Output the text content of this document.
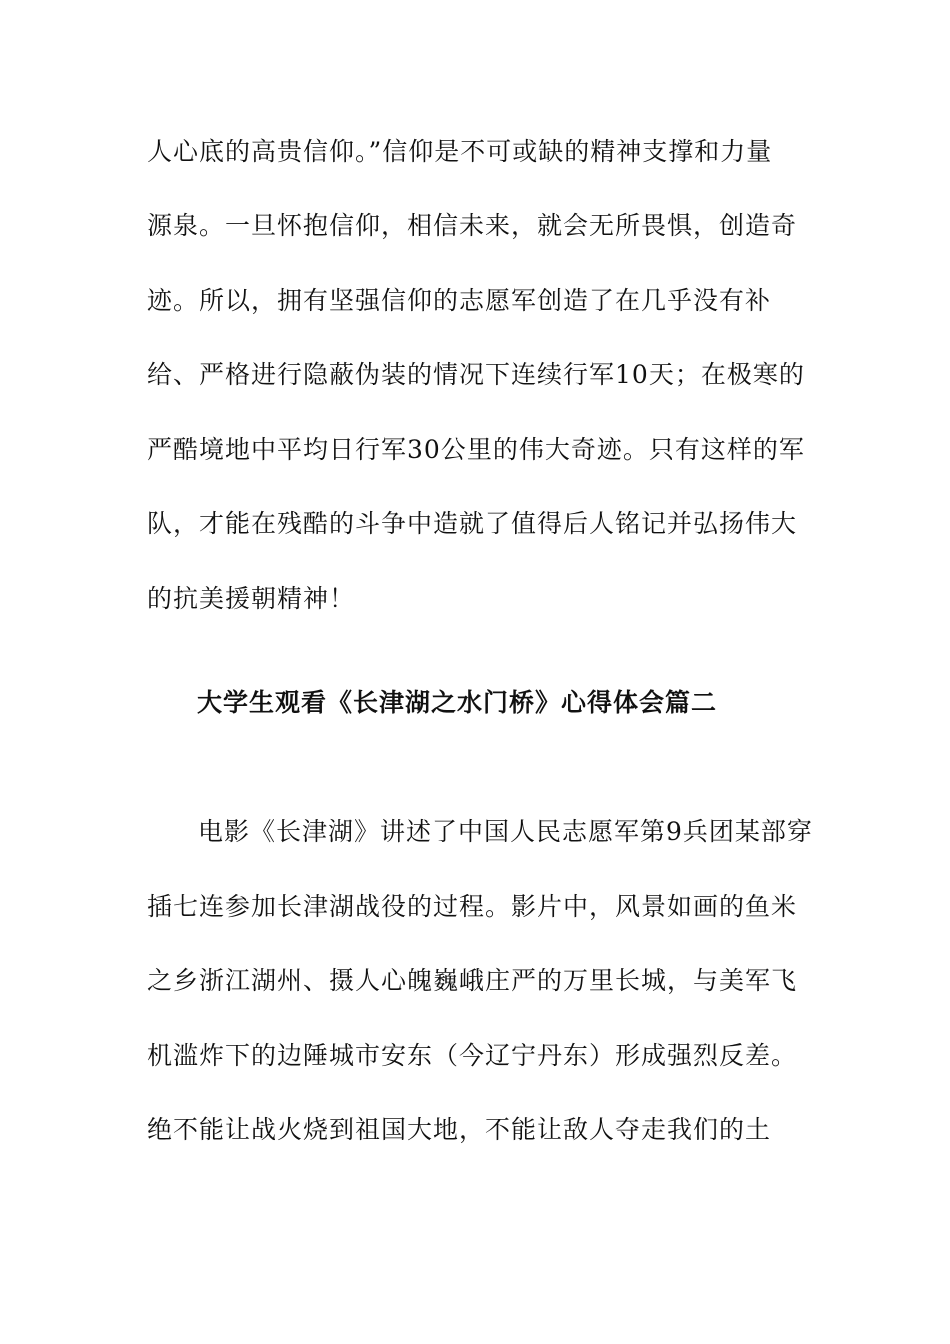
人心底的高贵信仰。”信仰是不可或缺的精神支撑和力量
源泉。一旦怀抱信仰，相信未来，就会无所畏惧，创造奇
迹。所以，拥有坚强信仰的志愿军创造了在几乎没有补
给、严格进行隐蔽伪装的情况下连续行军10天；在极寒的
严酷境地中平均日行军30公里的伟大奇迹。只有这样的军
队，才能在残酷的斗争中造就了值得后人铭记并弘扬伟大
的抗美援朝精神！
大学生观看《长津湖之水门桥》心得体会篇二
电影《长津湖》讲述了中国人民志愿军第9兵团某部穿
插七连参加长津湖战役的过程。影片中，风景如画的鱼米
之乡浙江湖州、摄人心魄巍峨庄严的万里长城，与美军飞
机滥炸下的边陲城市安东（今辽宁丹东）形成强烈反差。
绝不能让战火烧到祖国大地，不能让敌人夺走我们的土
